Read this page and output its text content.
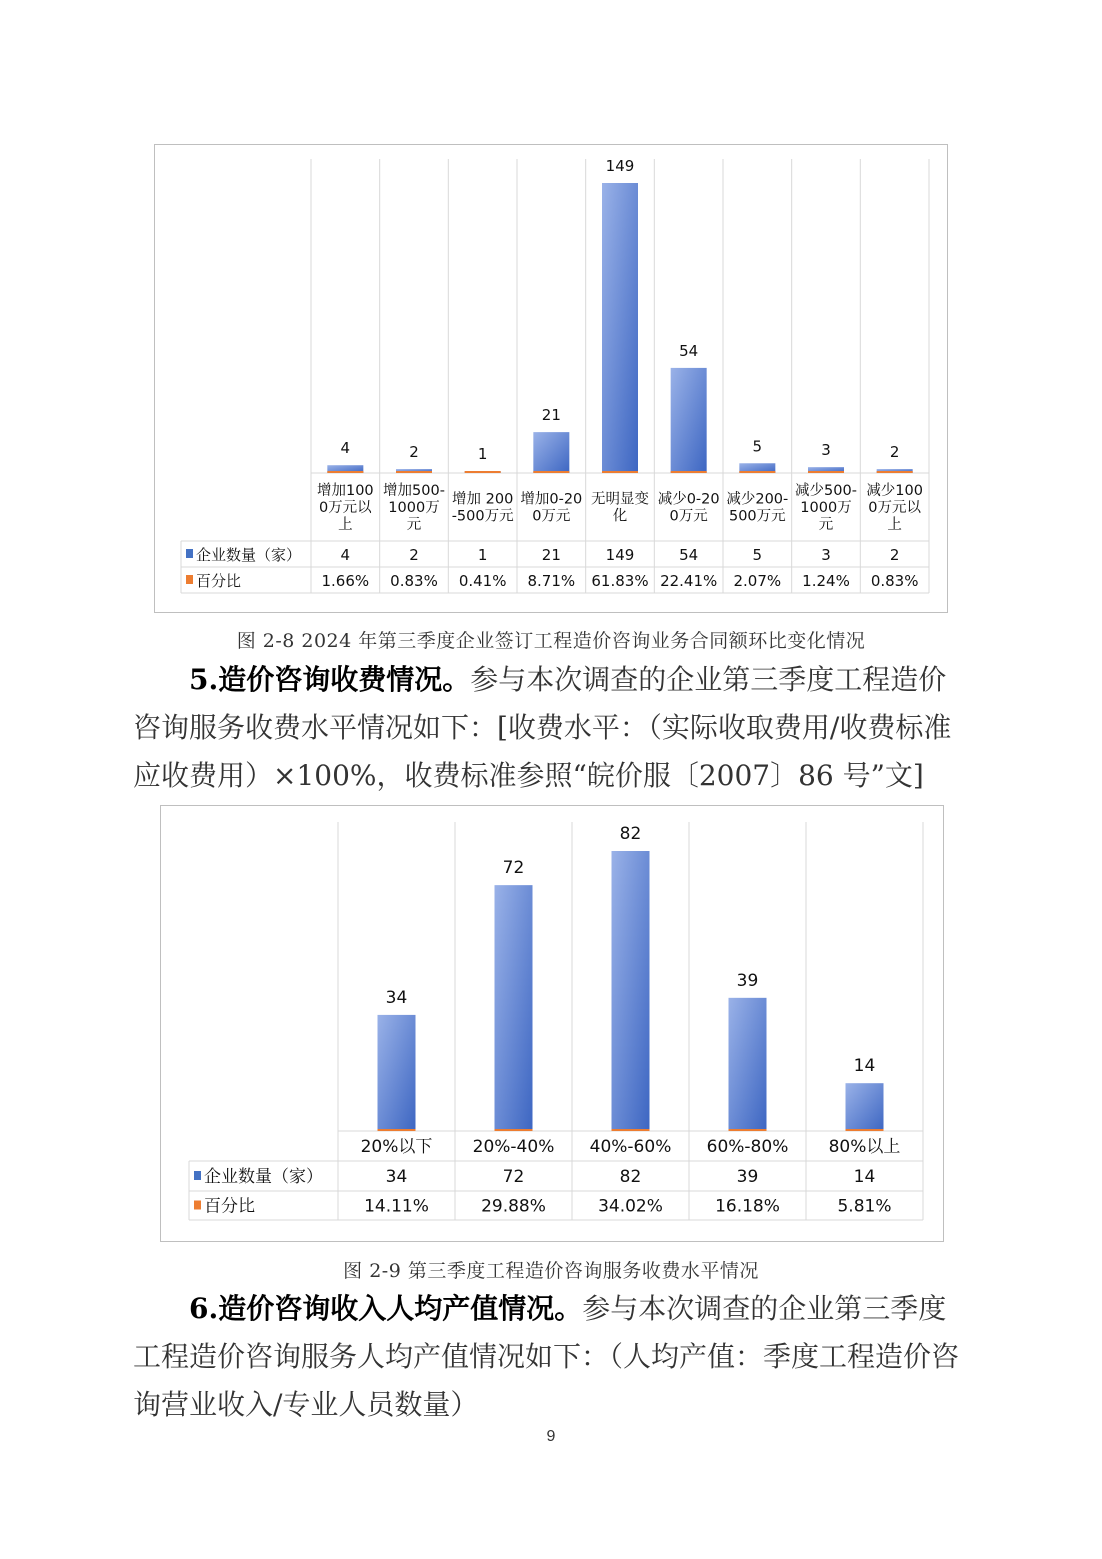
4
增加100
0万元以
上
4
1.66%
2
增加500-
1000万
元
2
0.83%
1
增加 200
-500万元
1
0.41%
21
增加0-20
0万元
21
8.71%
149
无明显变
化
149
61.83%
54
减少0-20
0万元
54
22.41%
5
减少200-
500万元
5
2.07%
3
减少500-
1000万
元
3
1.24%
2
减少100
0万元以
上
2
0.83%
企业数量（家）
百分比
图 2-8 2024 年第三季度企业签订工程造价咨询业务合同额环比变化情况
5.造价咨询收费情况。参与本次调查的企业第三季度工程造价咨询服务收费水平情况如下：[收费水平：（实际收取费用/收费标准应收费用）×100%，收费标准参照“皖价服〔2007〕86 号”文]
34
20%以下
34
14.11%
72
20%-40%
72
29.88%
82
40%-60%
82
34.02%
39
60%-80%
39
16.18%
14
80%以上
14
5.81%
企业数量（家）
百分比
图 2-9 第三季度工程造价咨询服务收费水平情况
6.造价咨询收入人均产值情况。参与本次调查的企业第三季度工程造价咨询服务人均产值情况如下：（人均产值：季度工程造价咨询营业收入/专业人员数量）
9
